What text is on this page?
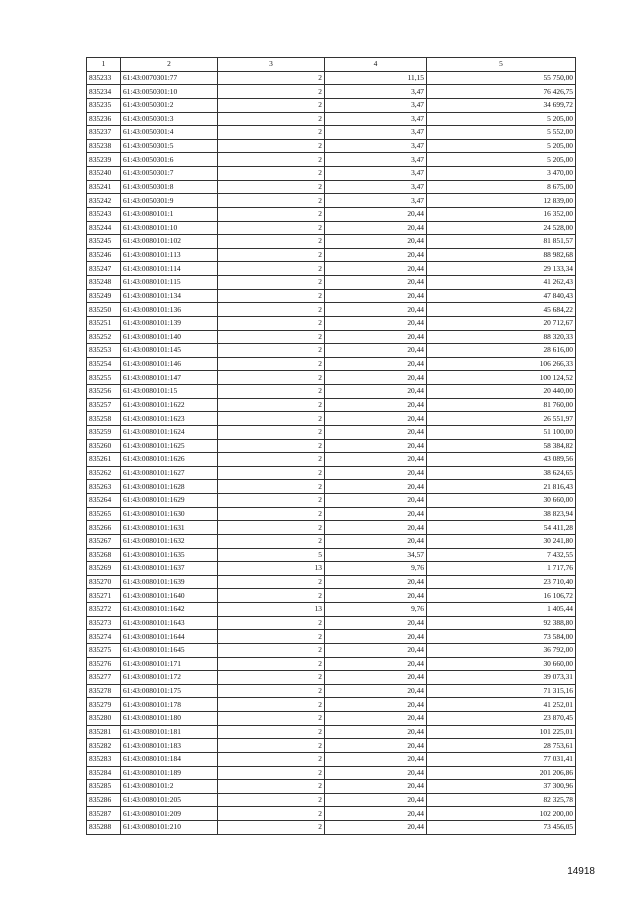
1	2	3	4	5
835233	61:43:0070301:77	2	11,15	55 750,00
835234	61:43:0050301:10	2	3,47	76 426,75
835235	61:43:0050301:2	2	3,47	34 699,72
835236	61:43:0050301:3	2	3,47	5 205,00
835237	61:43:0050301:4	2	3,47	5 552,00
835238	61:43:0050301:5	2	3,47	5 205,00
835239	61:43:0050301:6	2	3,47	5 205,00
835240	61:43:0050301:7	2	3,47	3 470,00
835241	61:43:0050301:8	2	3,47	8 675,00
835242	61:43:0050301:9	2	3,47	12 839,00
835243	61:43:0080101:1	2	20,44	16 352,00
835244	61:43:0080101:10	2	20,44	24 528,00
835245	61:43:0080101:102	2	20,44	81 851,57
835246	61:43:0080101:113	2	20,44	88 982,68
835247	61:43:0080101:114	2	20,44	29 133,34
835248	61:43:0080101:115	2	20,44	41 262,43
835249	61:43:0080101:134	2	20,44	47 840,43
835250	61:43:0080101:136	2	20,44	45 684,22
835251	61:43:0080101:139	2	20,44	20 712,67
835252	61:43:0080101:140	2	20,44	88 320,33
835253	61:43:0080101:145	2	20,44	28 616,00
835254	61:43:0080101:146	2	20,44	106 266,33
835255	61:43:0080101:147	2	20,44	100 124,52
835256	61:43:0080101:15	2	20,44	20 440,00
835257	61:43:0080101:1622	2	20,44	81 760,00
835258	61:43:0080101:1623	2	20,44	26 551,97
835259	61:43:0080101:1624	2	20,44	51 100,00
835260	61:43:0080101:1625	2	20,44	58 384,82
835261	61:43:0080101:1626	2	20,44	43 089,56
835262	61:43:0080101:1627	2	20,44	38 624,65
835263	61:43:0080101:1628	2	20,44	21 816,43
835264	61:43:0080101:1629	2	20,44	30 660,00
835265	61:43:0080101:1630	2	20,44	38 823,94
835266	61:43:0080101:1631	2	20,44	54 411,28
835267	61:43:0080101:1632	2	20,44	30 241,80
835268	61:43:0080101:1635	5	34,57	7 432,55
835269	61:43:0080101:1637	13	9,76	1 717,76
835270	61:43:0080101:1639	2	20,44	23 710,40
835271	61:43:0080101:1640	2	20,44	16 106,72
835272	61:43:0080101:1642	13	9,76	1 405,44
835273	61:43:0080101:1643	2	20,44	92 388,80
835274	61:43:0080101:1644	2	20,44	73 584,00
835275	61:43:0080101:1645	2	20,44	36 792,00
835276	61:43:0080101:171	2	20,44	30 660,00
835277	61:43:0080101:172	2	20,44	39 073,31
835278	61:43:0080101:175	2	20,44	71 315,16
835279	61:43:0080101:178	2	20,44	41 252,01
835280	61:43:0080101:180	2	20,44	23 870,45
835281	61:43:0080101:181	2	20,44	101 225,01
835282	61:43:0080101:183	2	20,44	28 753,61
835283	61:43:0080101:184	2	20,44	77 031,41
835284	61:43:0080101:189	2	20,44	201 206,86
835285	61:43:0080101:2	2	20,44	37 300,96
835286	61:43:0080101:205	2	20,44	82 325,78
835287	61:43:0080101:209	2	20,44	102 200,00
835288	61:43:0080101:210	2	20,44	73 456,05
14918
